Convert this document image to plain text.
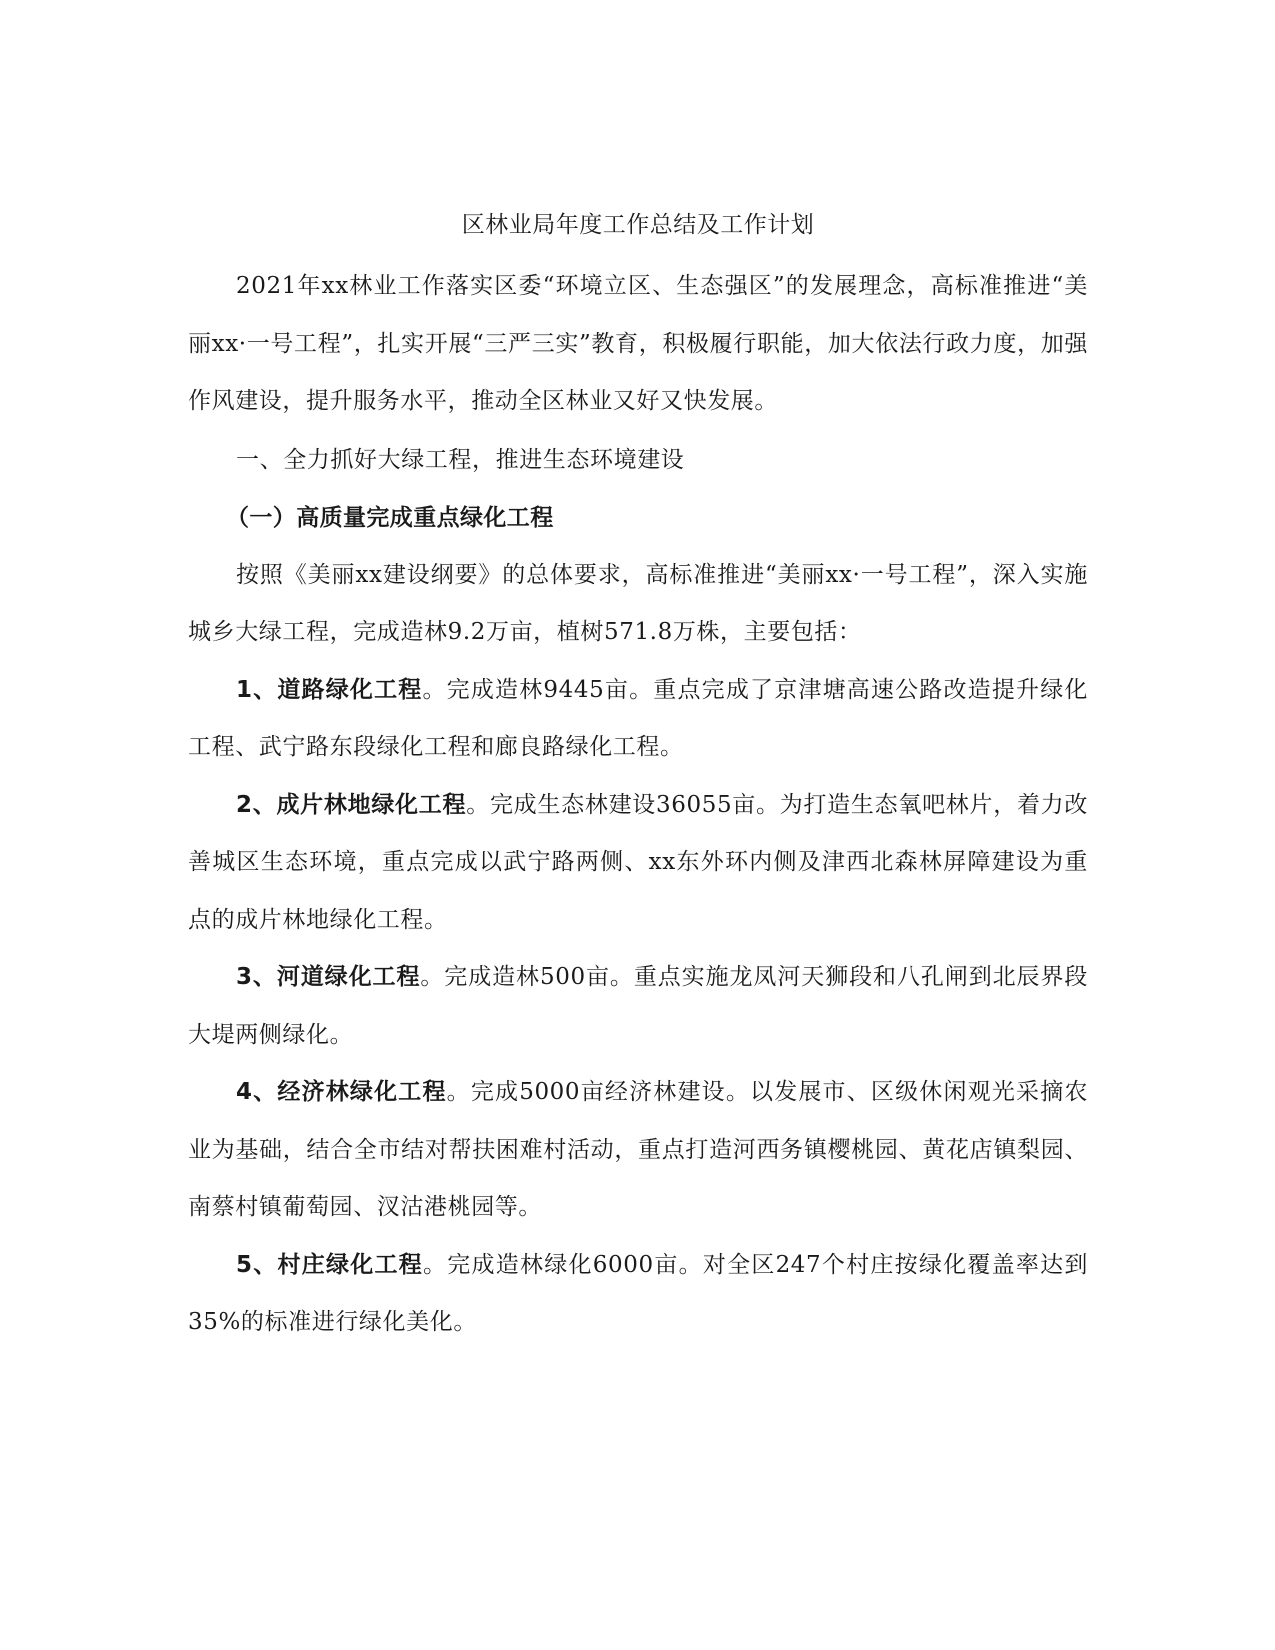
区林业局年度工作总结及工作计划

2021年xx林业工作落实区委“环境立区、生态强区”的发展理念，高标准推进“美丽xx·一号工程”，扎实开展“三严三实”教育，积极履行职能，加大依法行政力度，加强作风建设，提升服务水平，推动全区林业又好又快发展。

一、全力抓好大绿工程，推进生态环境建设

（一）高质量完成重点绿化工程

按照《美丽xx建设纲要》的总体要求，高标准推进“美丽xx·一号工程”，深入实施城乡大绿工程，完成造林9.2万亩，植树571.8万株，主要包括：

1、道路绿化工程。完成造林9445亩。重点完成了京津塘高速公路改造提升绿化工程、武宁路东段绿化工程和廊良路绿化工程。

2、成片林地绿化工程。完成生态林建设36055亩。为打造生态氧吧林片，着力改善城区生态环境，重点完成以武宁路两侧、xx东外环内侧及津西北森林屏障建设为重点的成片林地绿化工程。

3、河道绿化工程。完成造林500亩。重点实施龙凤河天狮段和八孔闸到北辰界段大堤两侧绿化。

4、经济林绿化工程。完成5000亩经济林建设。以发展市、区级休闲观光采摘农业为基础，结合全市结对帮扶困难村活动，重点打造河西务镇樱桃园、黄花店镇梨园、南蔡村镇葡萄园、汊沽港桃园等。

5、村庄绿化工程。完成造林绿化6000亩。对全区247个村庄按绿化覆盖率达到35%的标准进行绿化美化。
